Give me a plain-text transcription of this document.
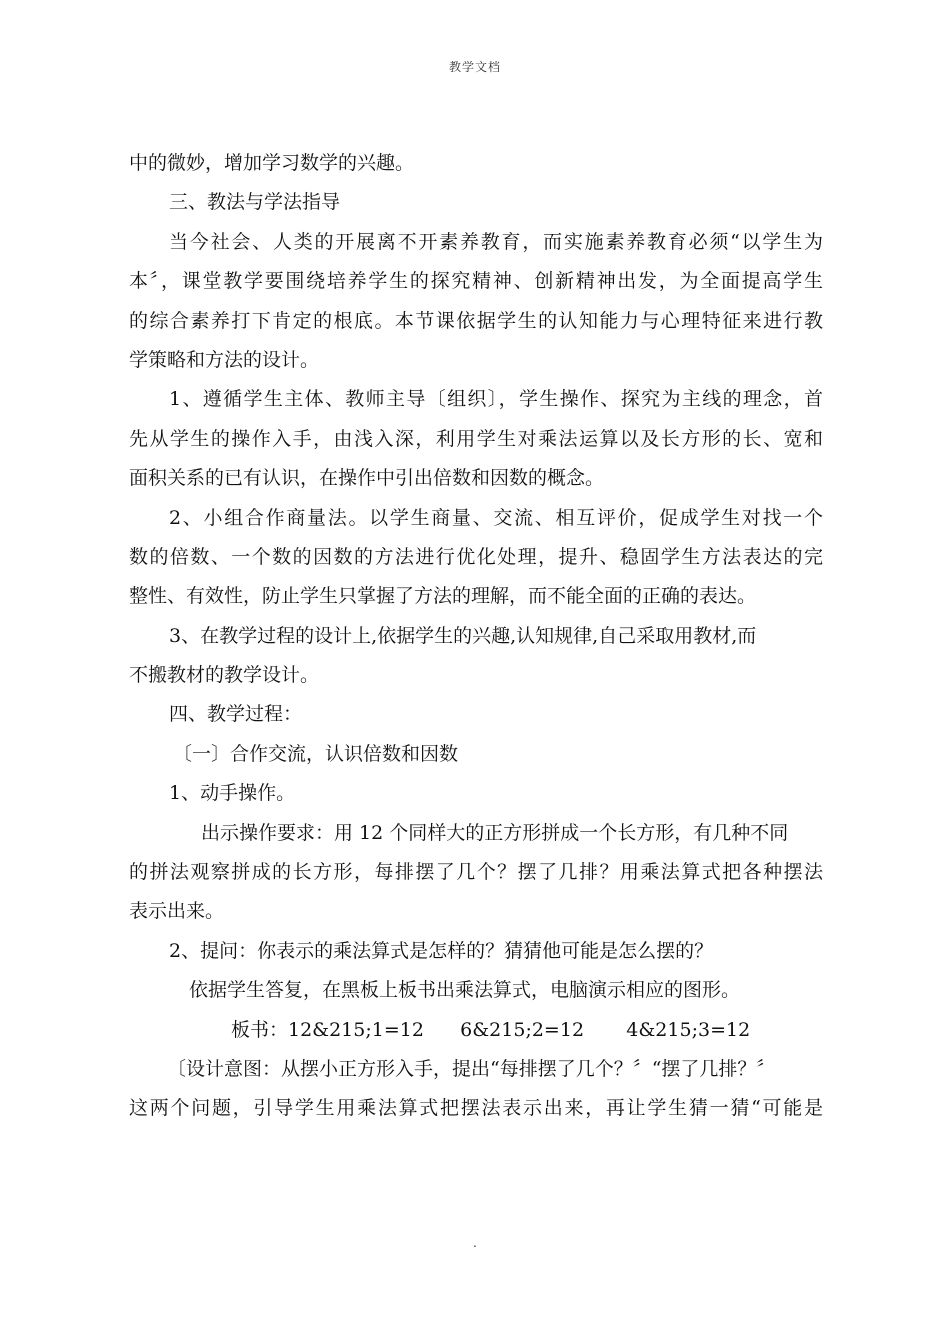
教学文档
中的微妙，增加学习数学的兴趣。
三、教法与学法指导
当今社会、人类的开展离不开素养教育，而实施素养教育必须“以学生为
本〞，课堂教学要围绕培养学生的探究精神、创新精神出发，为全面提高学生
的综合素养打下肯定的根底。本节课依据学生的认知能力与心理特征来进行教
学策略和方法的设计。
1、遵循学生主体、教师主导〔组织〕，学生操作、探究为主线的理念，首
先从学生的操作入手，由浅入深，利用学生对乘法运算以及长方形的长、宽和
面积关系的已有认识，在操作中引出倍数和因数的概念。
2、小组合作商量法。以学生商量、交流、相互评价，促成学生对找一个
数的倍数、一个数的因数的方法进行优化处理，提升、稳固学生方法表达的完
整性、有效性，防止学生只掌握了方法的理解，而不能全面的正确的表达。
3、在教学过程的设计上,依据学生的兴趣,认知规律,自己采取用教材,而
不搬教材的教学设计。
四、教学过程：
〔一〕合作交流，认识倍数和因数
1、动手操作。
出示操作要求：用 12 个同样大的正方形拼成一个长方形，有几种不同
的拼法观察拼成的长方形，每排摆了几个？摆了几排？用乘法算式把各种摆法
表示出来。
2、提问：你表示的乘法算式是怎样的？猜猜他可能是怎么摆的？
依据学生答复，在黑板上板书出乘法算式，电脑演示相应的图形。
板书：12&215;1=12      6&215;2=12       4&215;3=12
〔设计意图：从摆小正方形入手，提出“每排摆了几个？〞“摆了几排？〞
这两个问题，引导学生用乘法算式把摆法表示出来，再让学生猜一猜“可能是
.
